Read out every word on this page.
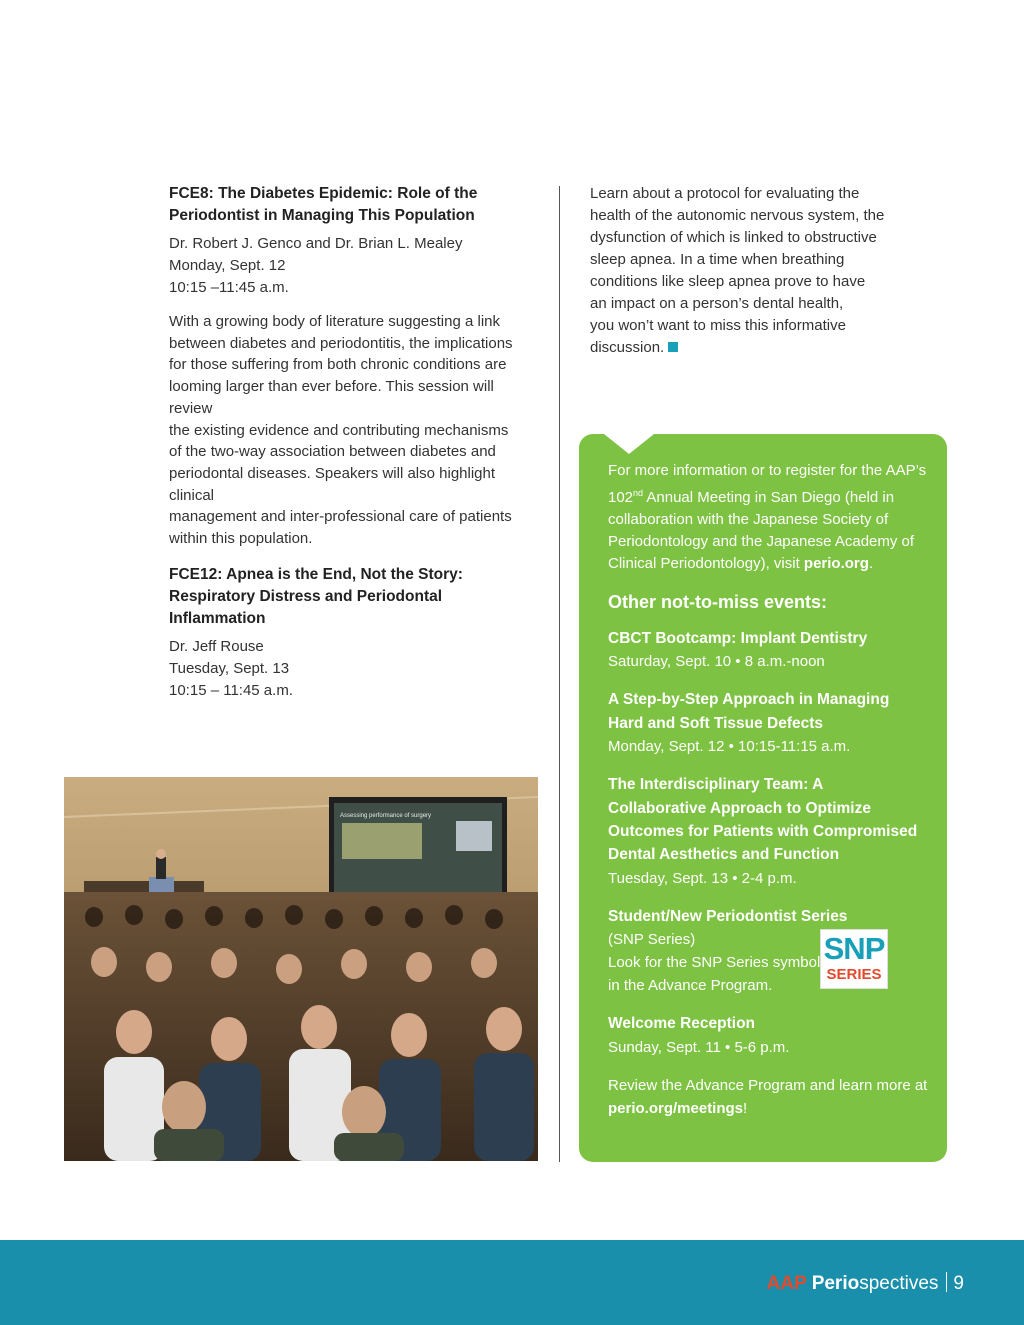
FCE8: The Diabetes Epidemic: Role of the
Periodontist in Managing This Population
Dr. Robert J. Genco and Dr. Brian L. Mealey
Monday, Sept. 12
10:15 –11:45 a.m.
With a growing body of literature suggesting a link
between diabetes and periodontitis, the implications
for those suffering from both chronic conditions are
looming larger than ever before. This session will review
the existing evidence and contributing mechanisms
of the two-way association between diabetes and
periodontal diseases. Speakers will also highlight clinical
management and inter-professional care of patients
within this population.
FCE12: Apnea is the End, Not the Story:
Respiratory Distress and Periodontal
Inflammation
Dr. Jeff Rouse
Tuesday, Sept. 13
10:15 – 11:45 a.m.
Learn about a protocol for evaluating the
health of the autonomic nervous system, the
dysfunction of which is linked to obstructive
sleep apnea. In a time when breathing
conditions like sleep apnea prove to have
an impact on a person’s dental health,
you won’t want to miss this informative
discussion.
Assessing performance of surgery

For more information or to register for the AAP’s 102nd Annual Meeting in San Diego (held in collaboration with the Japanese Society of Periodontology and the Japanese Academy of Clinical Periodontology), visit perio.org.

Other not-to-miss events:
CBCT Bootcamp: Implant Dentistry
Saturday, Sept. 10 • 8 a.m.-noon
A Step-by-Step Approach in Managing
Hard and Soft Tissue Defects
Monday, Sept. 12 • 10:15-11:15 a.m.
The Interdisciplinary Team: A
Collaborative Approach to Optimize
Outcomes for Patients with Compromised
Dental Aesthetics and Function
Tuesday, Sept. 13 • 2-4 p.m.
Student/New Periodontist Series
(SNP Series)
Look for the SNP Series symbol
in the Advance Program.
SNP
SERIES
Welcome Reception
Sunday, Sept. 11 • 5-6 p.m.

Review the Advance Program and learn more at perio.org/meetings!

AAP Periospectives 9
